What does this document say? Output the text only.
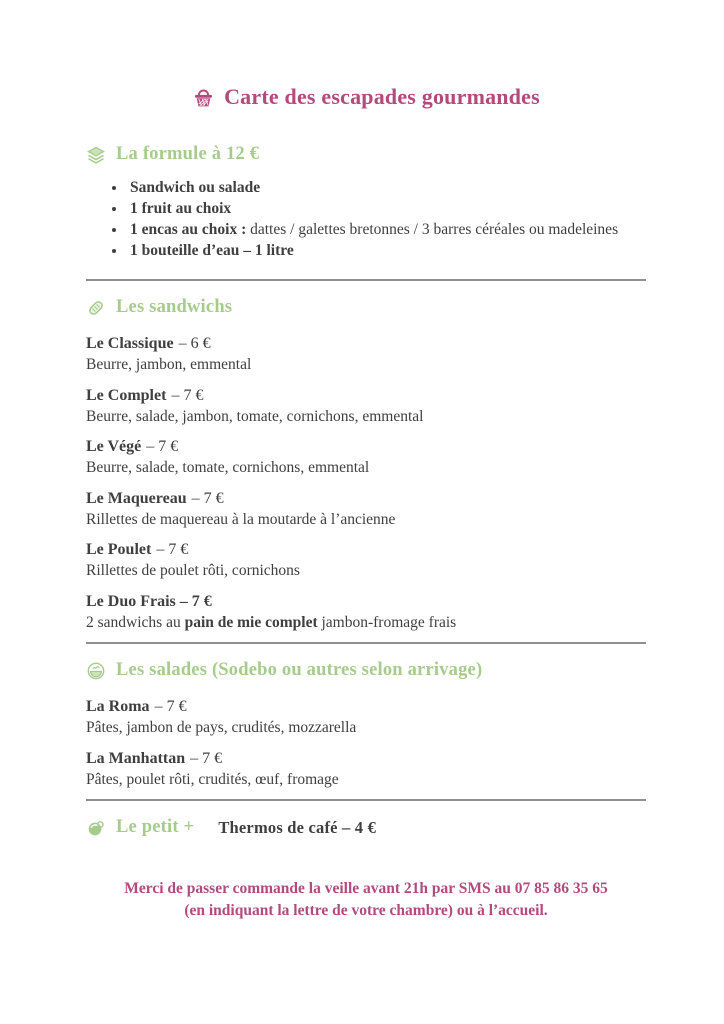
Carte des escapades gourmandes
La formule à 12 €
Sandwich ou salade
1 fruit au choix
1 encas au choix : dattes / galettes bretonnes / 3 barres céréales ou madeleines
1 bouteille d’eau – 1 litre
Les sandwichs
Le Classique – 6 €
Beurre, jambon, emmental
Le Complet – 7 €
Beurre, salade, jambon, tomate, cornichons, emmental
Le Végé – 7 €
Beurre, salade, tomate, cornichons, emmental
Le Maquereau – 7 €
Rillettes de maquereau à la moutarde à l’ancienne
Le Poulet – 7 €
Rillettes de poulet rôti, cornichons
Le Duo Frais – 7 €
2 sandwichs au pain de mie complet jambon-fromage frais
Les salades (Sodebo ou autres selon arrivage)
La Roma – 7 €
Pâtes, jambon de pays, crudités, mozzarella
La Manhattan – 7 €
Pâtes, poulet rôti, crudités, œuf, fromage
Le petit + Thermos de café – 4 €
Merci de passer commande la veille avant 21h par SMS au 07 85 86 35 65
(en indiquant la lettre de votre chambre) ou à l’accueil.
